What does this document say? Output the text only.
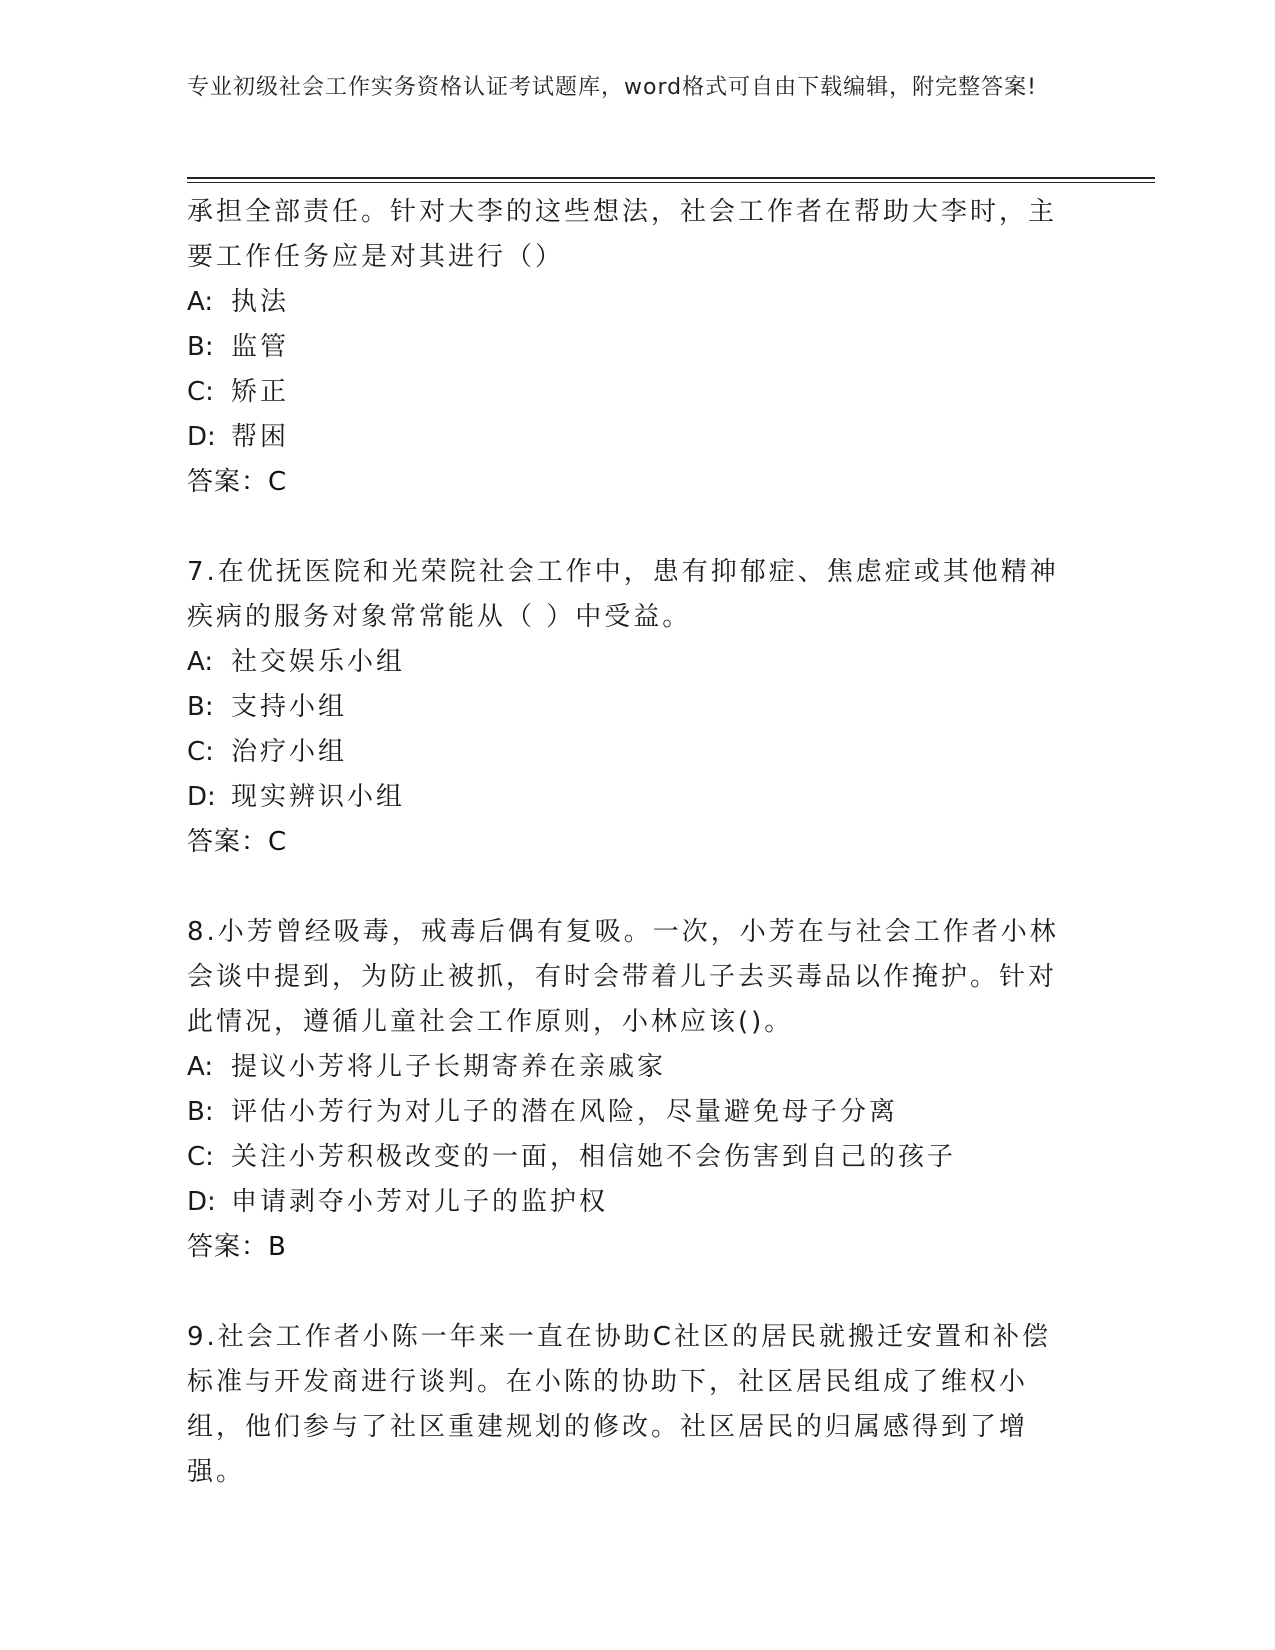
专业初级社会工作实务资格认证考试题库，word格式可自由下载编辑，附完整答案!
承担全部责任。针对大李的这些想法，社会工作者在帮助大李时，主要工作任务应是对其进行（）
A: 执法
B: 监管
C: 矫正
D: 帮困
答案：C
7.在优抚医院和光荣院社会工作中，患有抑郁症、焦虑症或其他精神疾病的服务对象常常能从（ ）中受益。
A: 社交娱乐小组
B: 支持小组
C: 治疗小组
D: 现实辨识小组
答案：C
8.小芳曾经吸毒，戒毒后偶有复吸。一次，小芳在与社会工作者小林会谈中提到，为防止被抓，有时会带着儿子去买毒品以作掩护。针对此情况，遵循儿童社会工作原则，小林应该()。
A: 提议小芳将儿子长期寄养在亲戚家
B: 评估小芳行为对儿子的潜在风险，尽量避免母子分离
C: 关注小芳积极改变的一面，相信她不会伤害到自己的孩子
D: 申请剥夺小芳对儿子的监护权
答案：B
9.社会工作者小陈一年来一直在协助C社区的居民就搬迁安置和补偿标准与开发商进行谈判。在小陈的协助下，社区居民组成了维权小组，他们参与了社区重建规划的修改。社区居民的归属感得到了增强。
